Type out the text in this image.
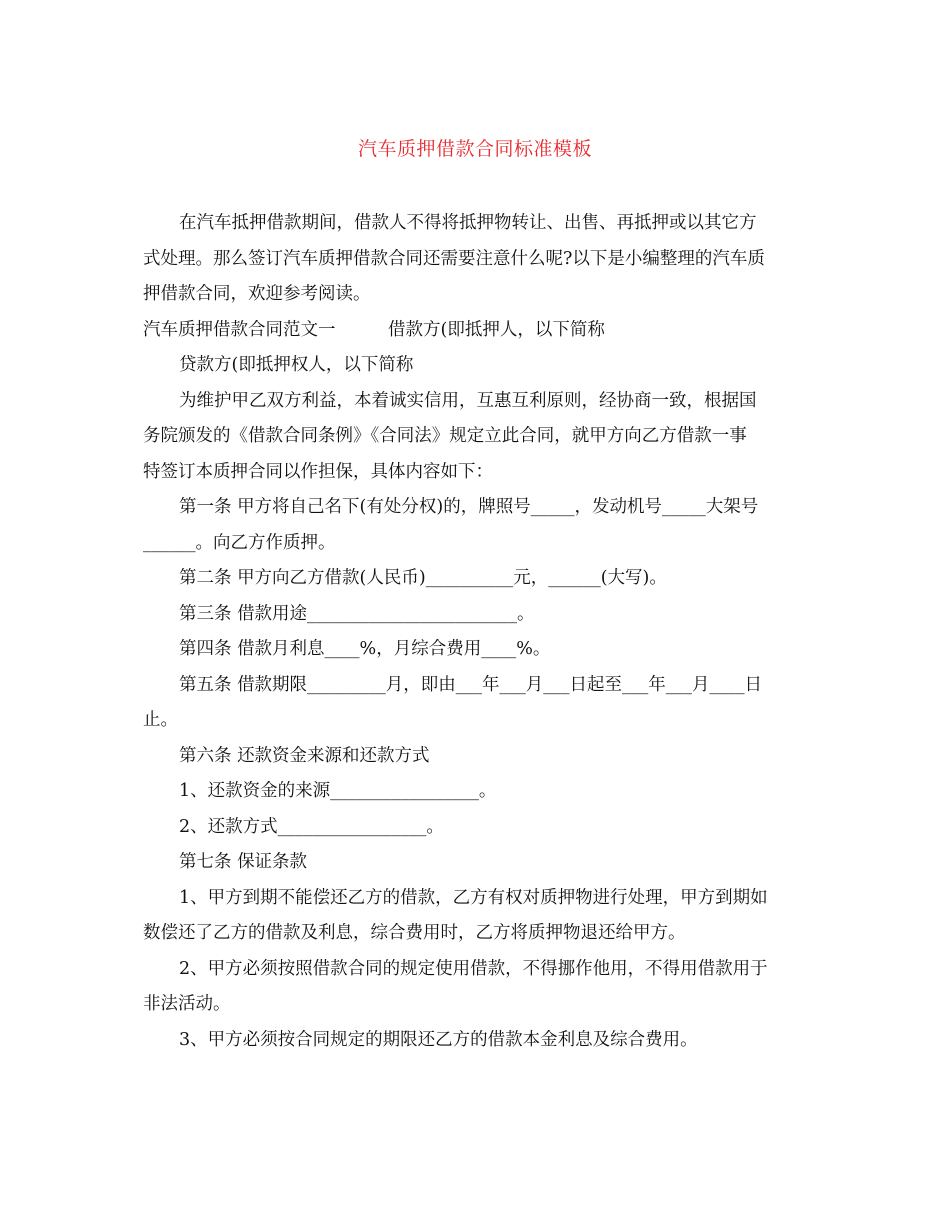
汽车质押借款合同标准模板

在汽车抵押借款期间，借款人不得将抵押物转让、出售、再抵押或以其它方

式处理。那么签订汽车质押借款合同还需要注意什么呢?以下是小编整理的汽车质

押借款合同，欢迎参考阅读。

汽车质押借款合同范文一　　　借款方(即抵押人，以下简称

贷款方(即抵押权人，以下简称

为维护甲乙双方利益，本着诚实信用，互惠互利原则，经协商一致，根据国

务院颁发的《借款合同条例》《合同法》规定立此合同，就甲方向乙方借款一事

特签订本质押合同以作担保，具体内容如下：

第一条 甲方将自己名下(有处分权)的，牌照号_____，发动机号_____大架号

______。向乙方作质押。

第二条 甲方向乙方借款(人民币)__________元，______(大写)。

第三条 借款用途________________________。

第四条 借款月利息____%，月综合费用____%。

第五条 借款期限_________月，即由___年___月___日起至___年___月____日

止。

第六条 还款资金来源和还款方式

1、还款资金的来源_________________。

2、还款方式_________________。

第七条 保证条款

1、甲方到期不能偿还乙方的借款，乙方有权对质押物进行处理，甲方到期如

数偿还了乙方的借款及利息，综合费用时，乙方将质押物退还给甲方。

2、甲方必须按照借款合同的规定使用借款，不得挪作他用，不得用借款用于

非法活动。

3、甲方必须按合同规定的期限还乙方的借款本金利息及综合费用。
